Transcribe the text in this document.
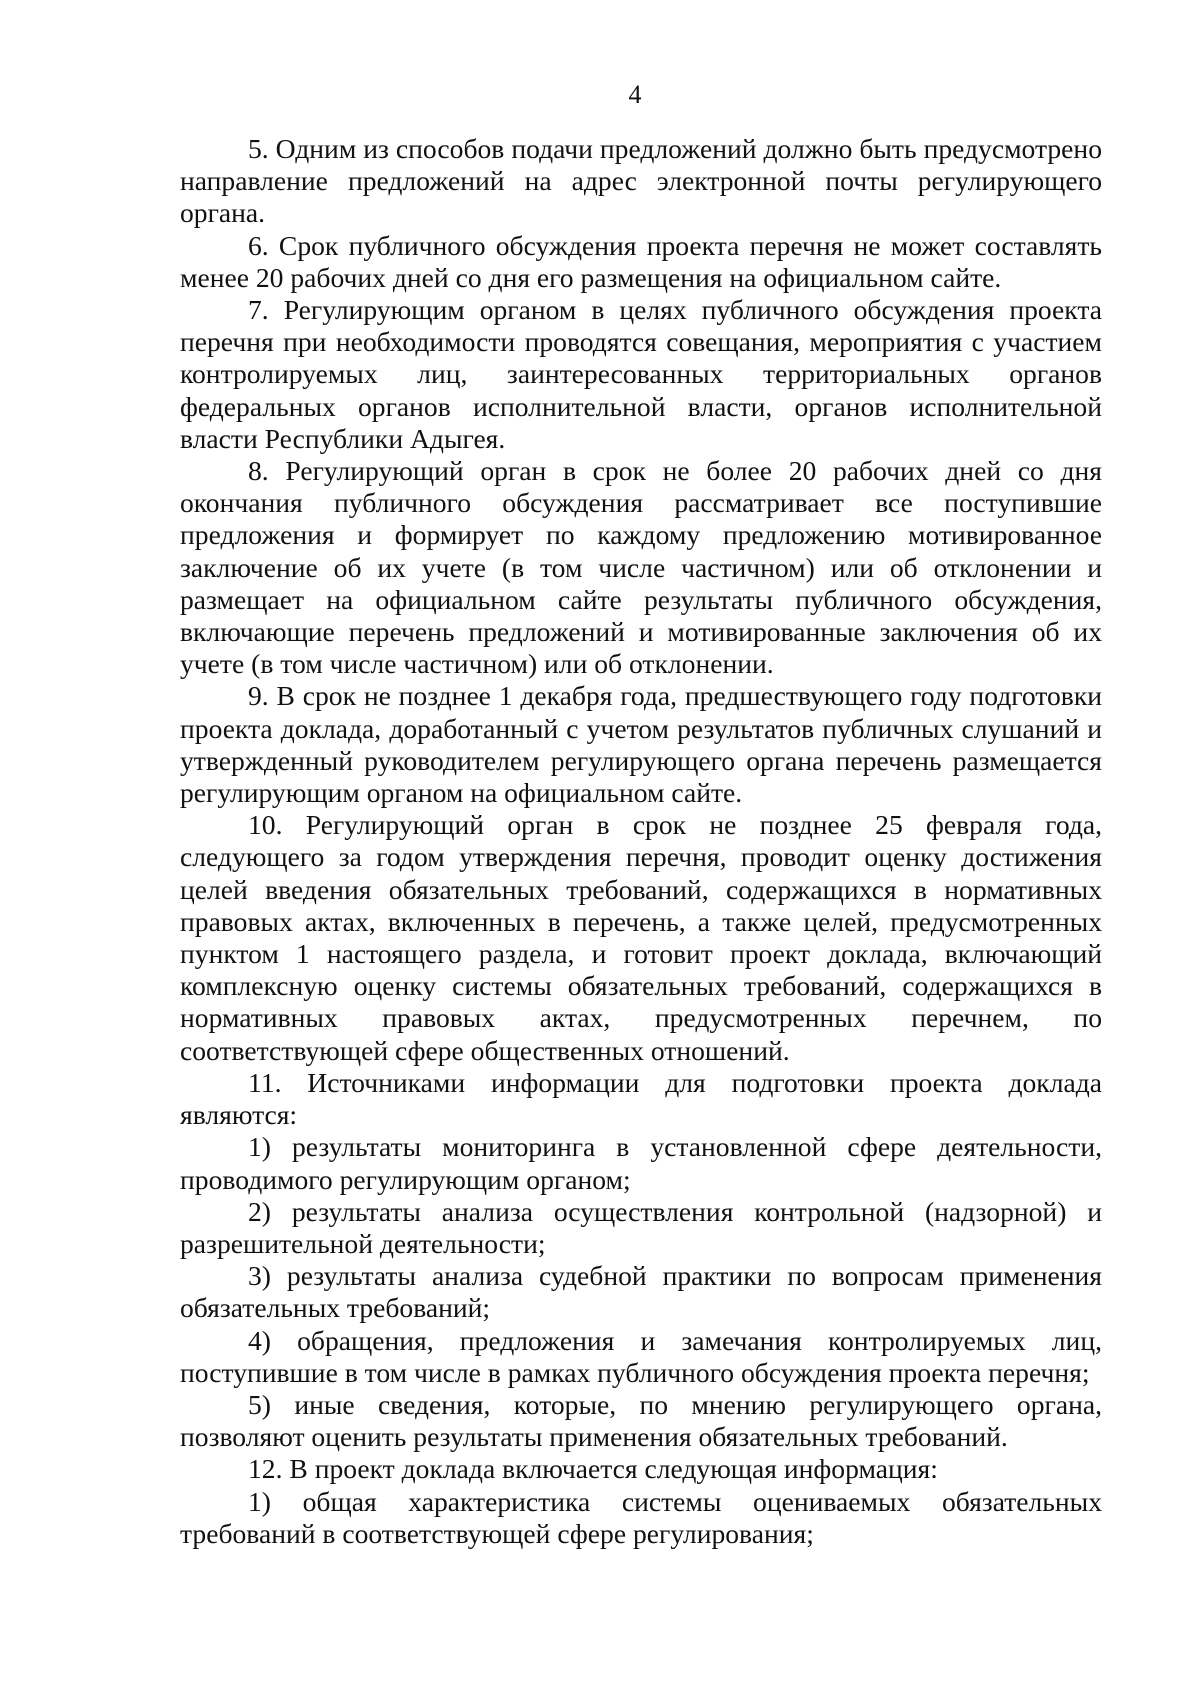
4

5. Одним из способов подачи предложений должно быть предусмотрено направление предложений на адрес электронной почты регулирующего органа.

6. Срок публичного обсуждения проекта перечня не может составлять менее 20 рабочих дней со дня его размещения на официальном сайте.

7. Регулирующим органом в целях публичного обсуждения проекта перечня при необходимости проводятся совещания, мероприятия с участием контролируемых лиц, заинтересованных территориальных органов федеральных органов исполнительной власти, органов исполнительной власти Республики Адыгея.

8. Регулирующий орган в срок не более 20 рабочих дней со дня окончания публичного обсуждения рассматривает все поступившие предложения и формирует по каждому предложению мотивированное заключение об их учете (в том числе частичном) или об отклонении и размещает на официальном сайте результаты публичного обсуждения, включающие перечень предложений и мотивированные заключения об их учете (в том числе частичном) или об отклонении.

9. В срок не позднее 1 декабря года, предшествующего году подготовки проекта доклада, доработанный с учетом результатов публичных слушаний и утвержденный руководителем регулирующего органа перечень размещается регулирующим органом на официальном сайте.

10. Регулирующий орган в срок не позднее 25 февраля года, следующего за годом утверждения перечня, проводит оценку достижения целей введения обязательных требований, содержащихся в нормативных правовых актах, включенных в перечень, а также целей, предусмотренных пунктом 1 настоящего раздела, и готовит проект доклада, включающий комплексную оценку системы обязательных требований, содержащихся в нормативных правовых актах, предусмотренных перечнем, по соответствующей сфере общественных отношений.

11. Источниками информации для подготовки проекта доклада являются:

1) результаты мониторинга в установленной сфере деятельности, проводимого регулирующим органом;

2) результаты анализа осуществления контрольной (надзорной) и разрешительной деятельности;

3) результаты анализа судебной практики по вопросам применения обязательных требований;

4) обращения, предложения и замечания контролируемых лиц, поступившие в том числе в рамках публичного обсуждения проекта перечня;

5) иные сведения, которые, по мнению регулирующего органа, позволяют оценить результаты применения обязательных требований.

12. В проект доклада включается следующая информация:

1) общая характеристика системы оцениваемых обязательных требований в соответствующей сфере регулирования;
